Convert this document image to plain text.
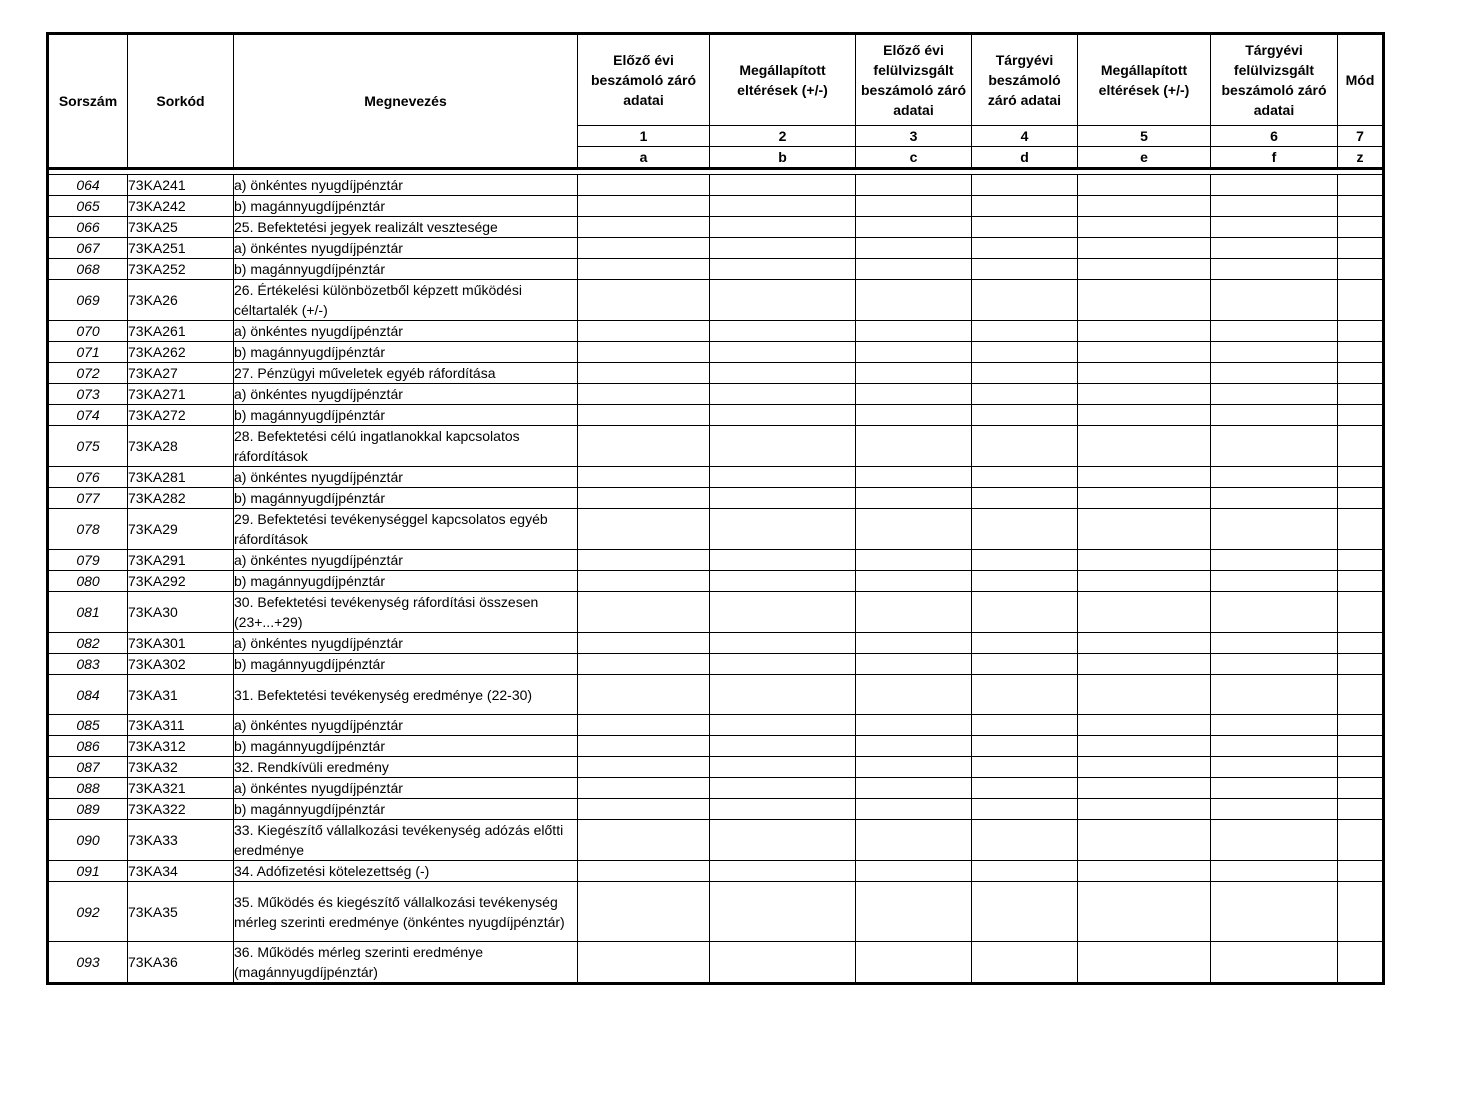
Sorszám	Sorkód	Megnevezés	Előző évi beszámoló záró adatai	Megállapított eltérések (+/-)	Előző évi felülvizsgált beszámoló záró adatai	Tárgyévi beszámoló záró adatai	Megállapított eltérések (+/-)	Tárgyévi felülvizsgált beszámoló záró adatai	Mód
			1	2	3	4	5	6	7
			a	b	c	d	e	f	z

064	73KA241	a) önkéntes nyugdíjpénztár							
065	73KA242	b) magánnyugdíjpénztár							
066	73KA25	25. Befektetési jegyek realizált vesztesége							
067	73KA251	a) önkéntes nyugdíjpénztár							
068	73KA252	b) magánnyugdíjpénztár							
069	73KA26	26. Értékelési különbözetből képzett működési céltartalék (+/-)							
070	73KA261	a) önkéntes nyugdíjpénztár							
071	73KA262	b) magánnyugdíjpénztár							
072	73KA27	27. Pénzügyi műveletek egyéb ráfordítása							
073	73KA271	a) önkéntes nyugdíjpénztár							
074	73KA272	b) magánnyugdíjpénztár							
075	73KA28	28. Befektetési célú ingatlanokkal kapcsolatos ráfordítások							
076	73KA281	a) önkéntes nyugdíjpénztár							
077	73KA282	b) magánnyugdíjpénztár							
078	73KA29	29. Befektetési tevékenységgel kapcsolatos egyéb ráfordítások							
079	73KA291	a) önkéntes nyugdíjpénztár							
080	73KA292	b) magánnyugdíjpénztár							
081	73KA30	30. Befektetési tevékenység ráfordítási összesen (23+...+29)							
082	73KA301	a) önkéntes nyugdíjpénztár							
083	73KA302	b) magánnyugdíjpénztár							
084	73KA31	31. Befektetési tevékenység eredménye (22-30)							
085	73KA311	a) önkéntes nyugdíjpénztár							
086	73KA312	b) magánnyugdíjpénztár							
087	73KA32	32. Rendkívüli eredmény							
088	73KA321	a) önkéntes nyugdíjpénztár							
089	73KA322	b) magánnyugdíjpénztár							
090	73KA33	33. Kiegészítő vállalkozási tevékenység adózás előtti eredménye							
091	73KA34	34. Adófizetési kötelezettség (-)							
092	73KA35	35. Működés és kiegészítő vállalkozási tevékenység mérleg szerinti eredménye (önkéntes nyugdíjpénztár)							
093	73KA36	36. Működés mérleg szerinti eredménye (magánnyugdíjpénztár)							
